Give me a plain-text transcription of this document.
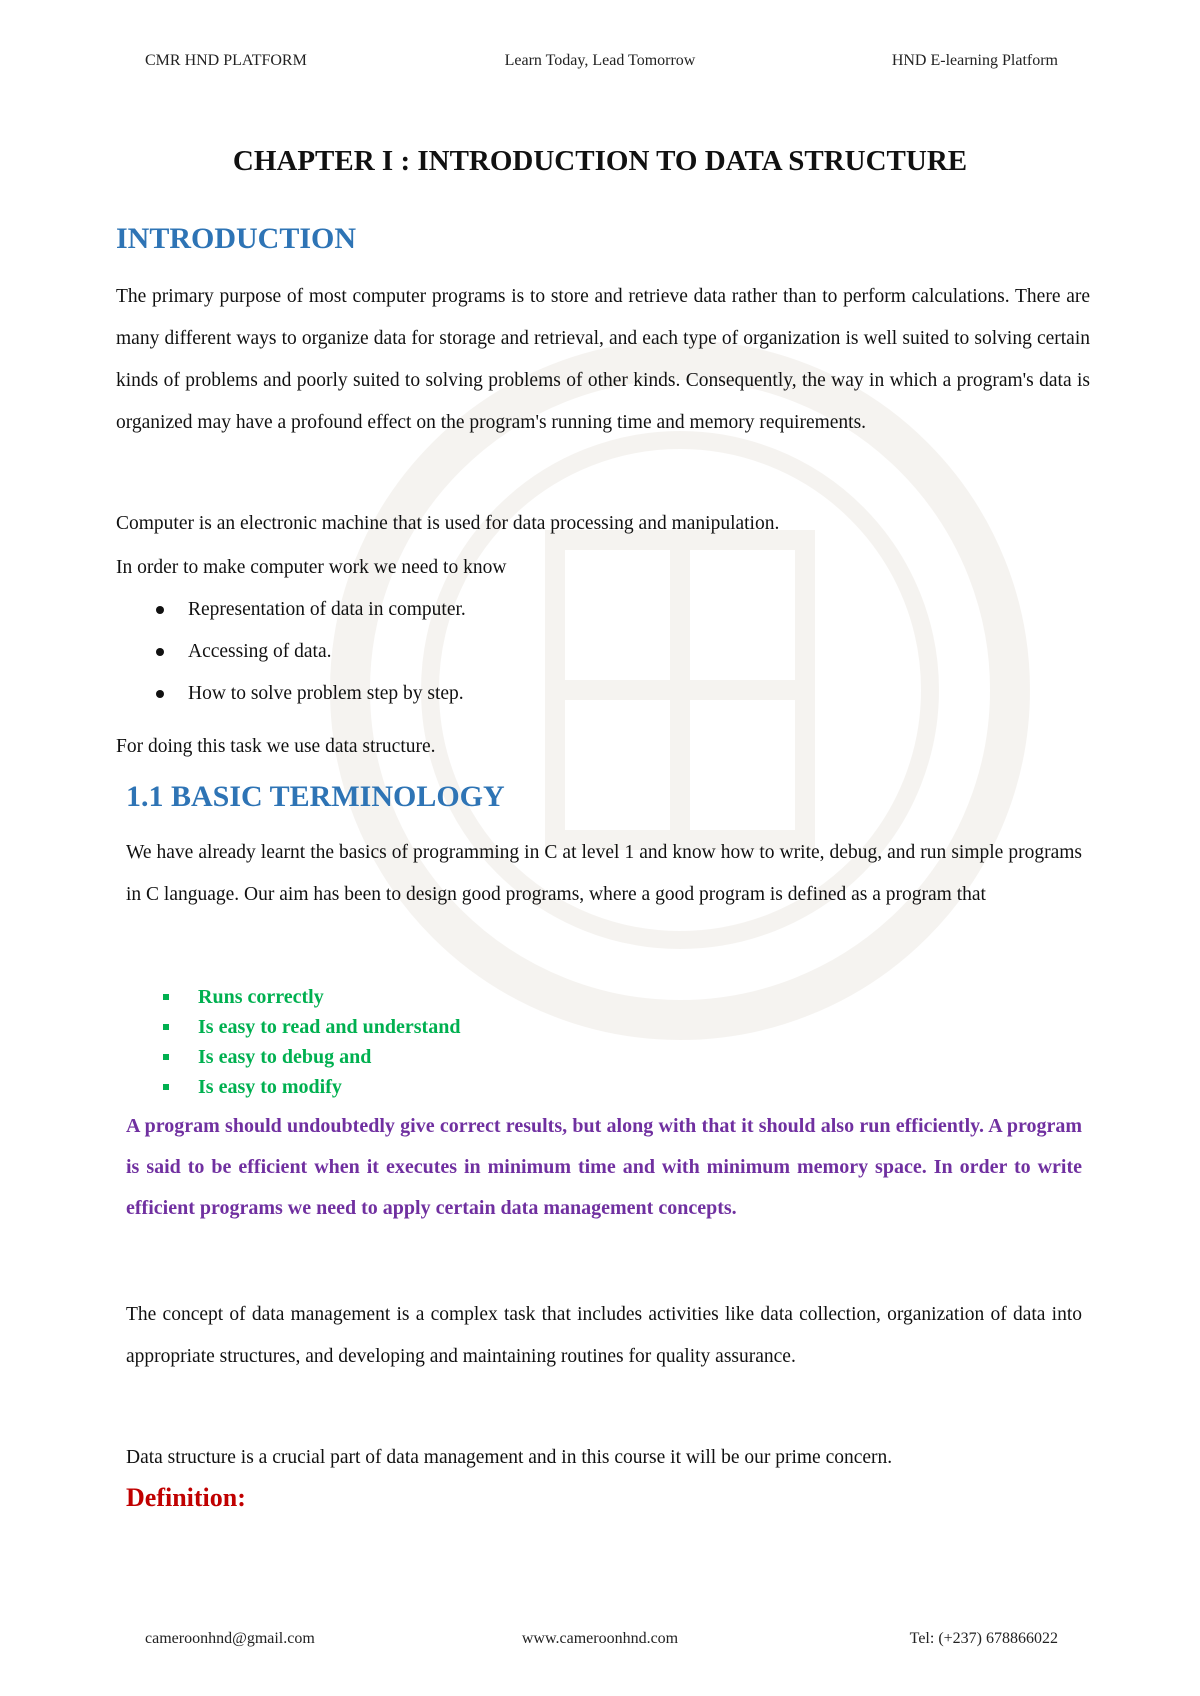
CMR HND PLATFORM	Learn Today, Lead Tomorrow	HND E-learning Platform
CHAPTER I : INTRODUCTION TO DATA STRUCTURE
INTRODUCTION

The primary purpose of most computer programs is to store and retrieve data rather than to perform calculations. There are many different ways to organize data for storage and retrieval, and each type of organization is well suited to solving certain kinds of problems and poorly suited to solving problems of other kinds. Consequently, the way in which a program's data is organized may have a profound effect on the program's running time and memory requirements.

Computer is an electronic machine that is used for data processing and manipulation.

In order to make computer work we need to know

Representation of data in computer.
Accessing of data.
How to solve problem step by step.

For doing this task we use data structure.

1.1 BASIC TERMINOLOGY

We have already learnt the basics of programming in C at level 1 and know how to write, debug, and run simple programs in C language. Our aim has been to design good programs, where a good program is defined as a program that

Runs correctly
Is easy to read and understand
Is easy to debug and
Is easy to modify

A program should undoubtedly give correct results, but along with that it should also run efficiently. A program is said to be efficient when it executes in minimum time and with minimum memory space. In order to write efficient programs we need to apply certain data management concepts.

The concept of data management is a complex task that includes activities like data collection, organization of data into appropriate structures, and developing and maintaining routines for quality assurance.

Data structure is a crucial part of data management and in this course it will be our prime concern.

Definition:
cameroonhnd@gmail.com	www.cameroonhnd.com	Tel: (+237) 678866022
